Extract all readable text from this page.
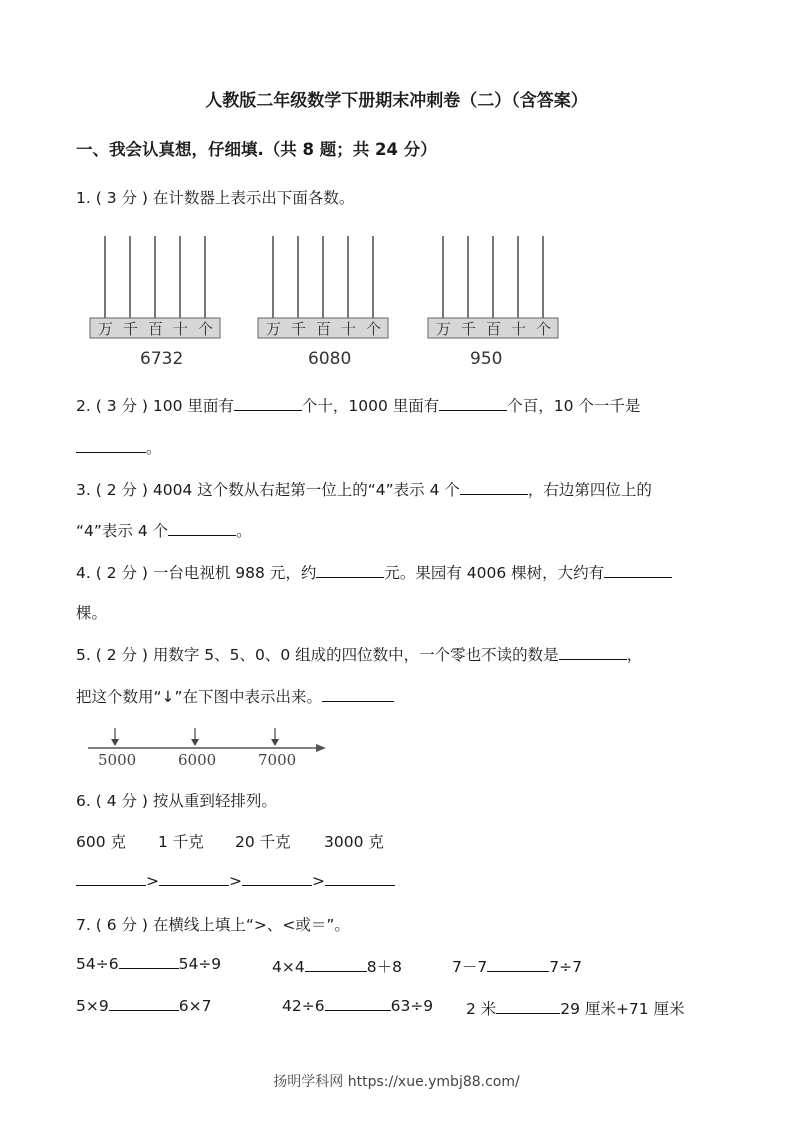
人教版二年级数学下册期末冲刺卷（二）（含答案）
一、我会认真想，仔细填.（共 8 题；共 24 分）
1. ( 3 分 ) 在计数器上表示出下面各数。
万 千 百 十 个
6732
万 千 百 十 个
6080
万 千 百 十 个
950
2. ( 3 分 ) 100 里面有	个十，1000 里面有	个百，10 个一千是
。
3. ( 2 分 ) 4004 这个数从右起第一位上的“4”表示 4 个	，右边第四位上的
“4”表示 4 个	。
4. ( 2 分 ) 一台电视机 988 元，约	元。果园有 4006 棵树，大约有
棵。
5. ( 2 分 ) 用数字 5、5、0、0 组成的四位数中，一个零也不读的数是	，
把这个数用“↓”在下图中表示出来。
5000	6000	7000
6. ( 4 分 ) 按从重到轻排列。
600 克 1 千克 20 千克 3000 克
>	>	>
7. ( 6 分 ) 在横线上填上“>、<或＝”。
54÷6	54÷9	4×4	8＋8	7－7	7÷7
5×9	6×7	42÷6	63÷9 2 米	29 厘米+71 厘米
扬明学科网 https://xue.ymbj88.com/
